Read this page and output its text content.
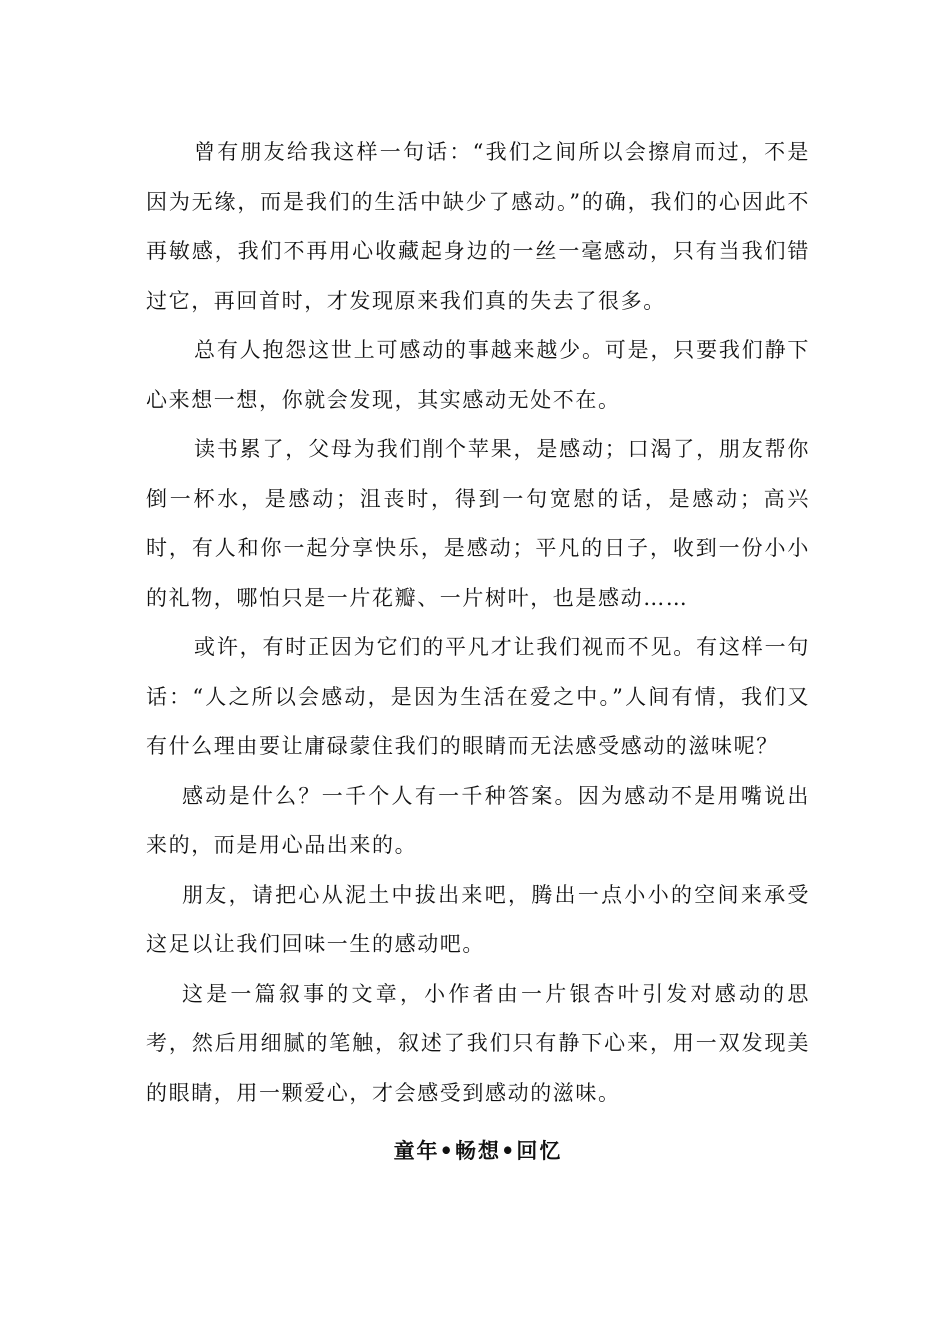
曾有朋友给我这样一句话：“我们之间所以会擦肩而过，不是因为无缘，而是我们的生活中缺少了感动。”的确，我们的心因此不再敏感，我们不再用心收藏起身边的一丝一毫感动，只有当我们错过它，再回首时，才发现原来我们真的失去了很多。

总有人抱怨这世上可感动的事越来越少。可是，只要我们静下心来想一想，你就会发现，其实感动无处不在。

读书累了，父母为我们削个苹果，是感动；口渴了，朋友帮你倒一杯水，是感动；沮丧时，得到一句宽慰的话，是感动；高兴时，有人和你一起分享快乐，是感动；平凡的日子，收到一份小小的礼物，哪怕只是一片花瓣、一片树叶，也是感动……

或许，有时正因为它们的平凡才让我们视而不见。有这样一句话：“人之所以会感动，是因为生活在爱之中。”人间有情，我们又有什么理由要让庸碌蒙住我们的眼睛而无法感受感动的滋味呢？

感动是什么？一千个人有一千种答案。因为感动不是用嘴说出来的，而是用心品出来的。

朋友，请把心从泥土中拔出来吧，腾出一点小小的空间来承受这足以让我们回味一生的感动吧。

这是一篇叙事的文章，小作者由一片银杏叶引发对感动的思考，然后用细腻的笔触，叙述了我们只有静下心来，用一双发现美的眼睛，用一颗爱心，才会感受到感动的滋味。

童年•畅想•回忆
